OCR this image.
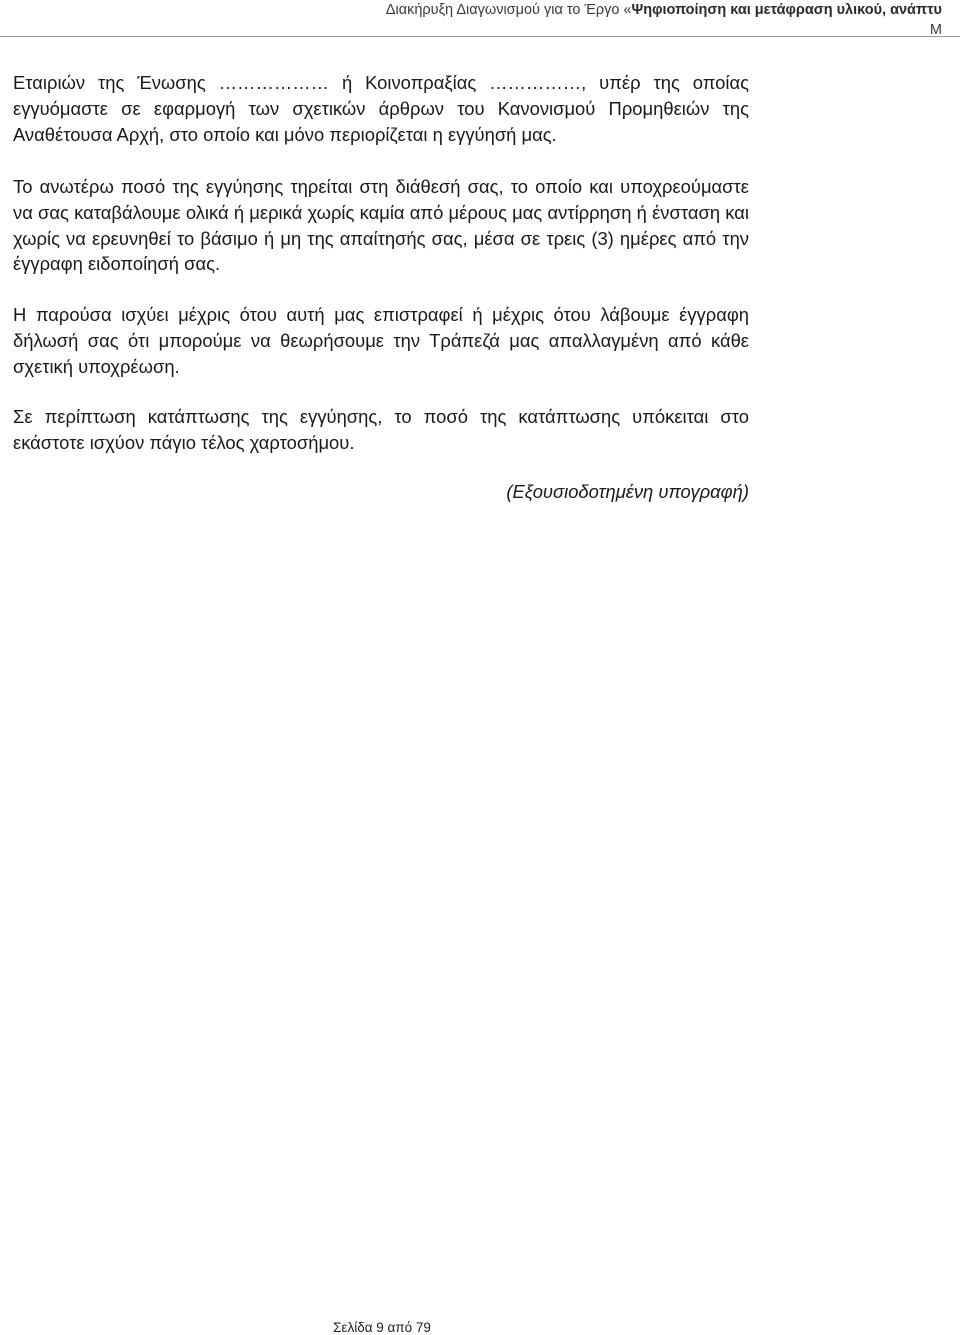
Διακήρυξη Διαγωνισμού για το Έργο «Ψηφιοποίηση και μετάφραση υλικού, ανάπτυ
Μ
Εταιριών της Ένωσης ……………… ή Κοινοπραξίας ……………, υπέρ της οποίας εγγυόμαστε σε εφαρμογή των σχετικών άρθρων του Κανονισμού Προμηθειών της Αναθέτουσα Αρχή, στο οποίο και μόνο περιορίζεται η εγγύησή μας.
Το ανωτέρω ποσό της εγγύησης τηρείται στη διάθεσή σας, το οποίο και υποχρεούμαστε να σας καταβάλουμε ολικά ή μερικά χωρίς καμία από μέρους μας αντίρρηση ή ένσταση και χωρίς να ερευνηθεί το βάσιμο ή μη της απαίτησής σας, μέσα σε τρεις (3) ημέρες από την έγγραφη ειδοποίησή σας.
Η παρούσα ισχύει μέχρις ότου αυτή μας επιστραφεί ή μέχρις ότου λάβουμε έγγραφη δήλωσή σας ότι μπορούμε να θεωρήσουμε την Τράπεζά μας απαλλαγμένη από κάθε σχετική υποχρέωση.
Σε περίπτωση κατάπτωσης της εγγύησης, το ποσό της κατάπτωσης υπόκειται στο εκάστοτε ισχύον πάγιο τέλος χαρτοσήμου.
(Εξουσιοδοτημένη υπογραφή)
Σελίδα 9 από 79
